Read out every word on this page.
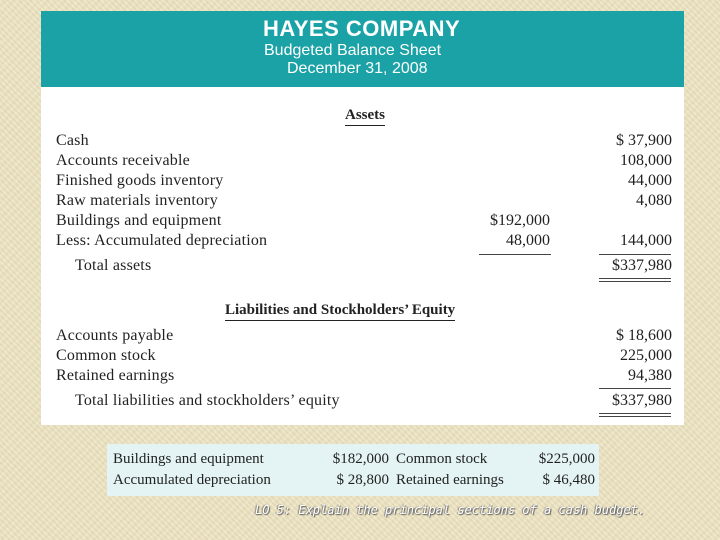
HAYES COMPANY
Budgeted Balance Sheet
December 31, 2008
Assets
Cash	$ 37,900
Accounts receivable	108,000
Finished goods inventory	44,000
Raw materials inventory	4,080
Buildings and equipment	$192,000
Less: Accumulated depreciation	48,000	144,000
Total assets	$337,980
Liabilities and Stockholders’ Equity
Accounts payable	$ 18,600
Common stock	225,000
Retained earnings	94,380
Total liabilities and stockholders’ equity	$337,980
Buildings and equipment	$182,000 Common stock	$225,000
Accumulated depreciation	$ 28,800 Retained earnings	$ 46,480
LO 5: Explain the principal sections of a cash budget.
